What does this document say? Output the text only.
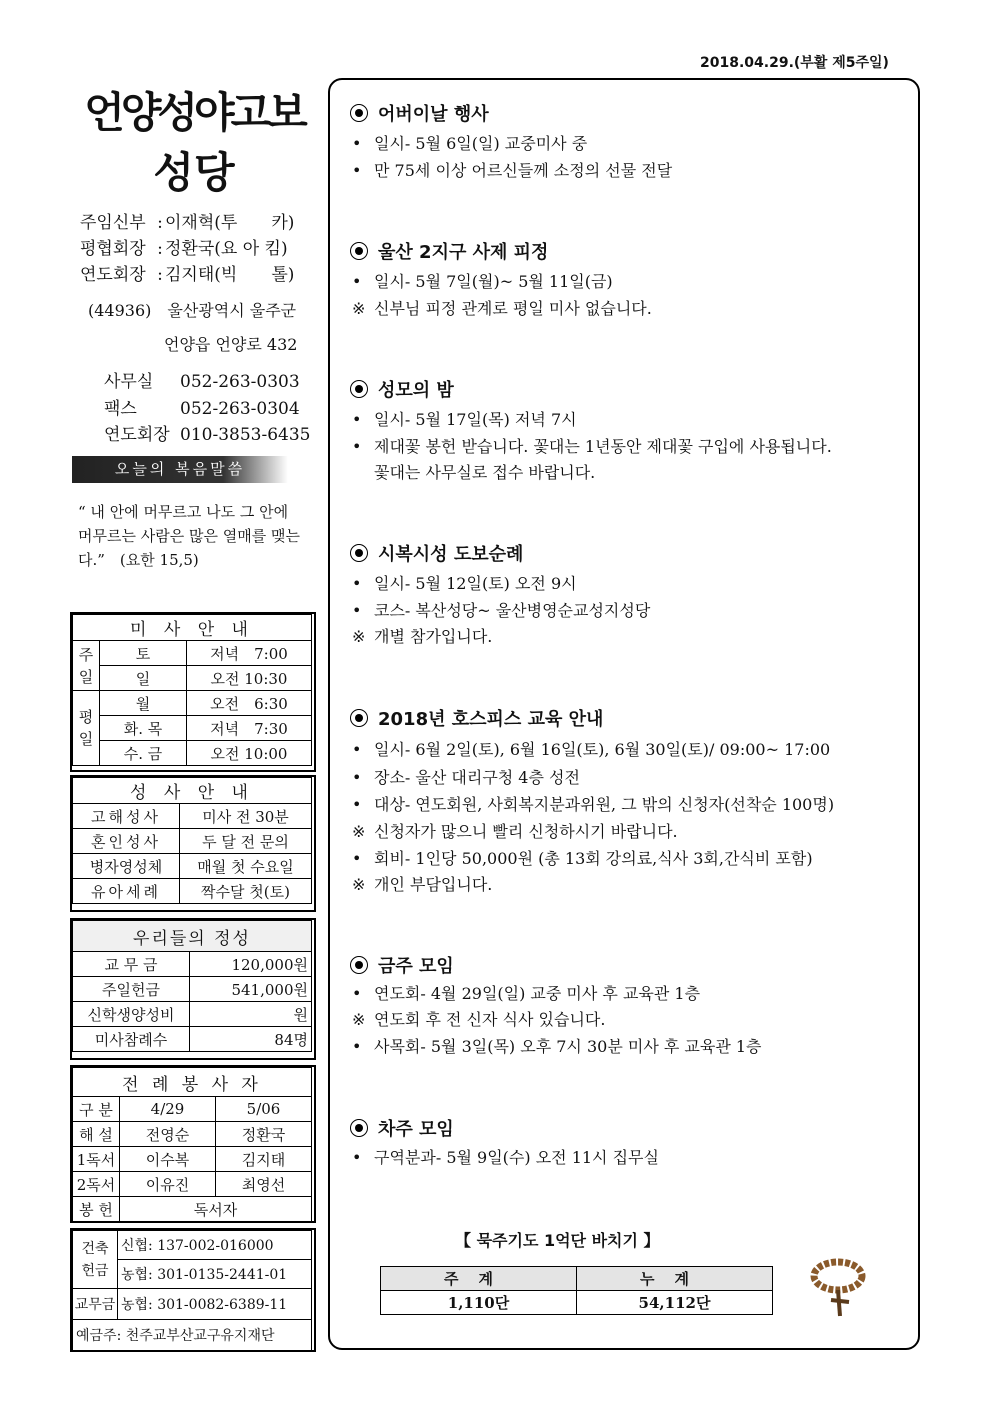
2018.04.29.(부활 제5주일)
언양성야고보
성당
주임신부 : 이재혁(투　　카)
평협회장 : 정환국(요 아 킴)
연도회장 : 김지태(빅　　톨)
(44936)　울산광역시 울주군
언양읍 언양로 432
사무실 052-263-0303
팩스	052-263-0304
연도회장 010-3853-6435
오늘의 복음말씀
“ 내 안에 머무르고 나도 그 안에 머무르는 사람은 많은 열매를 맺는다.”　(요한 15,5)
미 사 안 내		
주일	토	저녁　7:00
	일	오전 10:30
평일	월	오전　6:30
	화. 목	저녁　7:30
	수. 금	오전 10:00
성 사 안 내	
고해성사	미사 전 30분
혼인성사	두 달 전 문의
병자영성체	매월 첫 수요일
유아세례	짝수달 첫(토)
우리들의 정성	
교 무 금	120,000원
주일헌금	541,000원
신학생양성비	원
미사참례수	84명
전 례 봉 사 자		
구 분	4/29	5/06
해 설	전영순	정환국
1독서	이수복	김지태
2독서	이유진	최영선
봉 헌	독서자	
건축헌금	신협: 137-002-016000
	농협: 301-0135-2441-01
교무금	농협: 301-0082-6389-11
예금주: 천주교부산교구유지재단	
어버이날 행사
• 일시- 5월 6일(일) 교중미사 중
• 만 75세 이상 어르신들께 소정의 선물 전달
울산 2지구 사제 피정
• 일시- 5월 7일(월)~ 5월 11일(금)
※ 신부님 피정 관계로 평일 미사 없습니다.
성모의 밤
• 일시- 5월 17일(목) 저녁 7시
• 제대꽃 봉헌 받습니다. 꽃대는 1년동안 제대꽃 구입에 사용됩니다.
꽃대는 사무실로 접수 바랍니다.
시복시성 도보순례
• 일시- 5월 12일(토) 오전 9시
• 코스- 복산성당~ 울산병영순교성지성당
※ 개별 참가입니다.
2018년 호스피스 교육 안내
• 일시- 6월 2일(토), 6월 16일(토), 6월 30일(토)/ 09:00~ 17:00
• 장소- 울산 대리구청 4층 성전
• 대상- 연도회원, 사회복지분과위원, 그 밖의 신청자(선착순 100명)
※ 신청자가 많으니 빨리 신청하시기 바랍니다.
• 회비- 1인당 50,000원 (총 13회 강의료,식사 3회,간식비 포함)
※ 개인 부담입니다.
금주 모임
• 연도회- 4월 29일(일) 교중 미사 후 교육관 1층
※ 연도회 후 전 신자 식사 있습니다.
• 사목회- 5월 3일(목) 오후 7시 30분 미사 후 교육관 1층
차주 모임
• 구역분과- 5월 9일(수) 오전 11시 집무실
【 묵주기도 1억단 바치기 】
주계	누계
1,110단	54,112단
